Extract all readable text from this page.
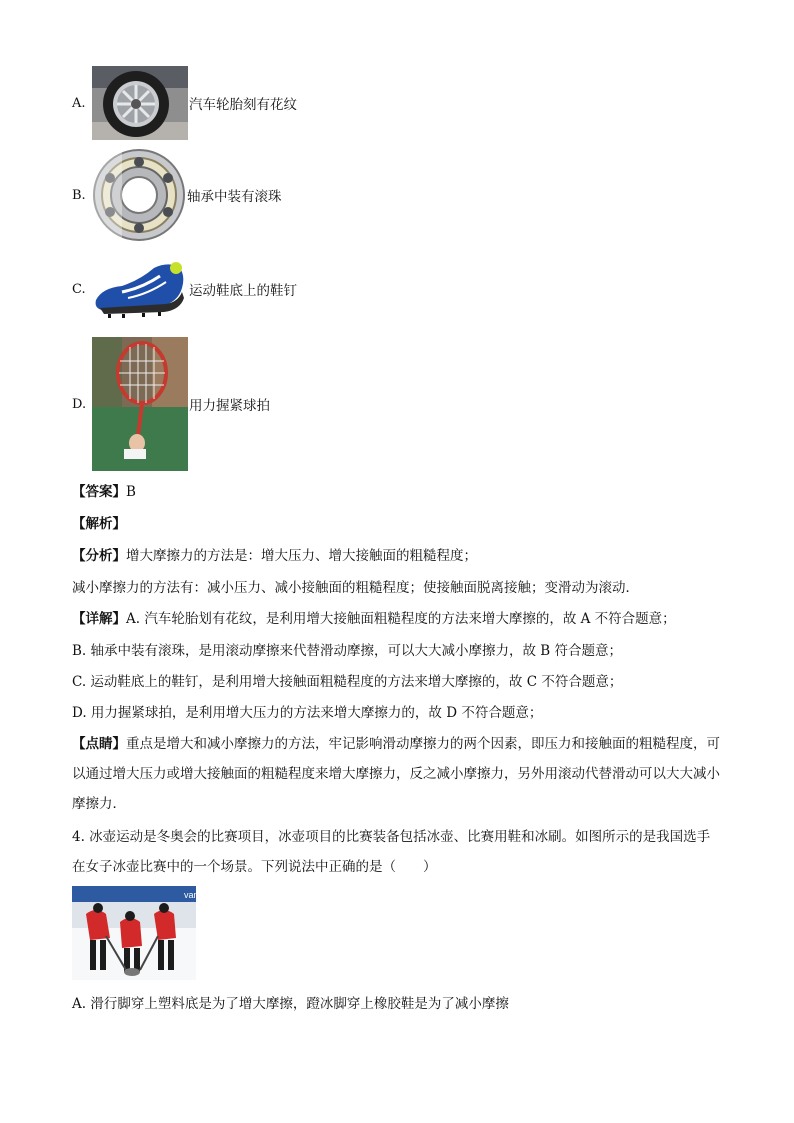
A.	汽车轮胎刻有花纹
B.	轴承中装有滚珠
C.	运动鞋底上的鞋钉
D.	用力握紧球拍
【答案】B
【解析】
【分析】增大摩擦力的方法是：增大压力、增大接触面的粗糙程度；
减小摩擦力的方法有：减小压力、减小接触面的粗糙程度；使接触面脱离接触；变滑动为滚动．
【详解】A. 汽车轮胎划有花纹，是利用增大接触面粗糙程度的方法来增大摩擦的，故 A 不符合题意；
B. 轴承中装有滚珠，是用滚动摩擦来代替滑动摩擦，可以大大减小摩擦力，故 B 符合题意；
C. 运动鞋底上的鞋钉，是利用增大接触面粗糙程度的方法来增大摩擦的，故 C 不符合题意；
D. 用力握紧球拍，是利用增大压力的方法来增大摩擦力的，故 D 不符合题意；
【点睛】重点是增大和减小摩擦力的方法，牢记影响滑动摩擦力的两个因素，即压力和接触面的粗糙程度，可以通过增大压力或增大接触面的粗糙程度来增大摩擦力，反之减小摩擦力，另外用滚动代替滑动可以大大减小摩擦力．
4. 冰壶运动是冬奥会的比赛项目，冰壶项目的比赛装备包括冰壶、比赛用鞋和冰刷。如图所示的是我国选手在女子冰壶比赛中的一个场景。下列说法中正确的是（　　）
van
A. 滑行脚穿上塑料底是为了增大摩擦，蹬冰脚穿上橡胶鞋是为了减小摩擦
